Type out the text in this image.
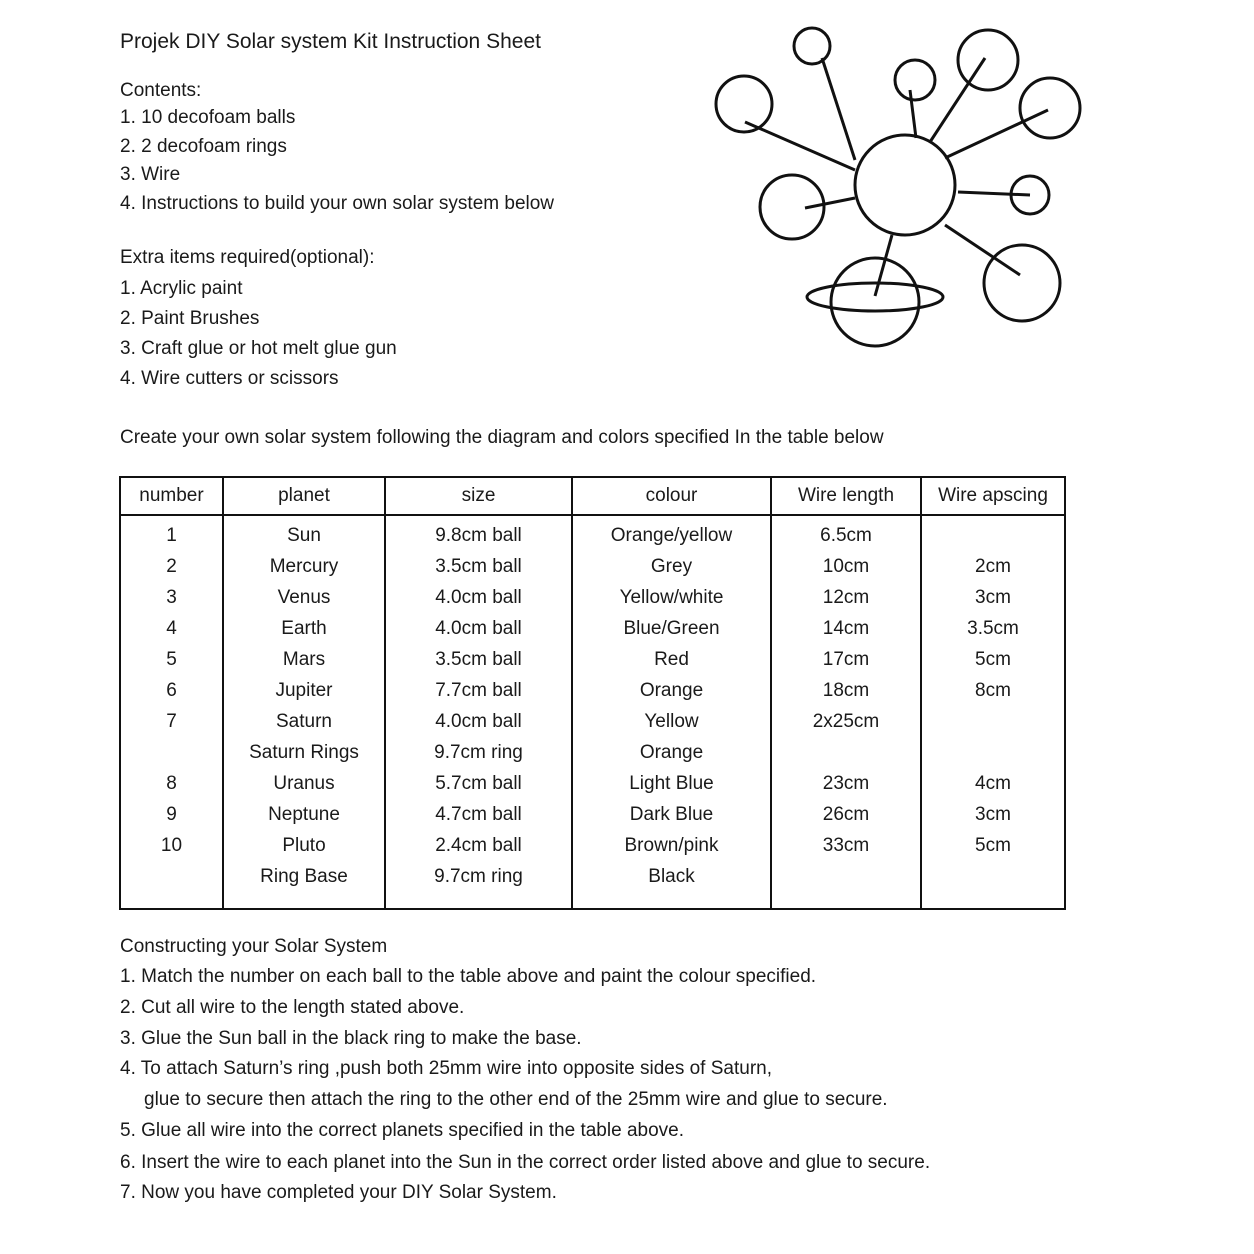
Projek DIY Solar system Kit Instruction Sheet
Contents:
1. 10 decofoam balls
2. 2 decofoam rings
3. Wire
4. Instructions to build your own solar system below
Extra items required(optional):
1. Acrylic paint
2. Paint Brushes
3. Craft glue or hot melt glue gun
4. Wire cutters or scissors
Create your own solar system following the diagram and colors specified In the table below
number	planet	size	colour	Wire length	Wire apscing
1	Sun	9.8cm ball	Orange/yellow	6.5cm	
2	Mercury	3.5cm ball	Grey	10cm	2cm
3	Venus	4.0cm ball	Yellow/white	12cm	3cm
4	Earth	4.0cm ball	Blue/Green	14cm	3.5cm
5	Mars	3.5cm ball	Red	17cm	5cm
6	Jupiter	7.7cm ball	Orange	18cm	8cm
7	Saturn	4.0cm ball	Yellow	2x25cm	
	Saturn Rings	9.7cm ring	Orange		
8	Uranus	5.7cm ball	Light Blue	23cm	4cm
9	Neptune	4.7cm ball	Dark Blue	26cm	3cm
10	Pluto	2.4cm ball	Brown/pink	33cm	5cm
	Ring Base	9.7cm ring	Black		

Constructing your Solar System
1. Match the number on each ball to the table above and paint the colour specified.
2. Cut all wire to the length stated above.
3. Glue the Sun ball in the black ring to make the base.
4. To attach Saturn’s ring ,push both 25mm wire into opposite sides of Saturn,
glue to secure then attach the ring to the other end of the 25mm wire and glue to secure.
5. Glue all wire into the correct planets specified in the table above.
6. Insert the wire to each planet into the Sun in the correct order listed above and glue to secure.
7. Now you have completed your DIY Solar System.
